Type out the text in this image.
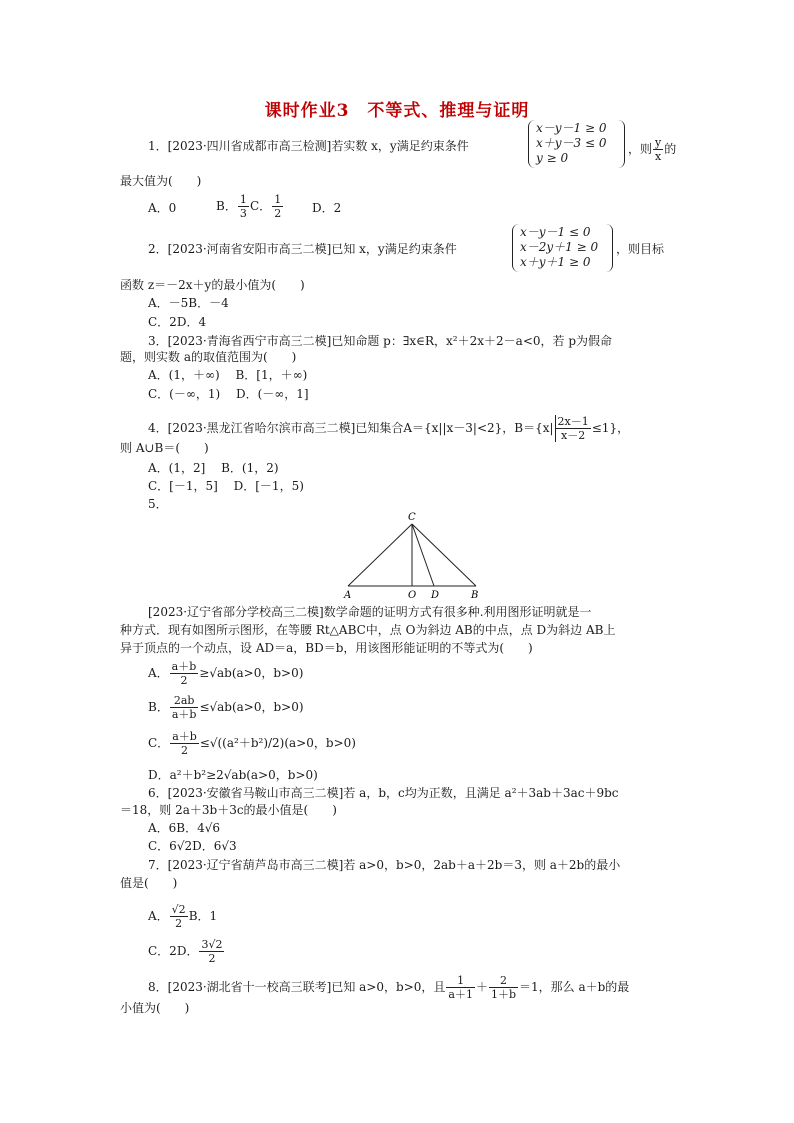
课时作业3　不等式、推理与证明
1．[2023·四川省成都市高三检测]若实数 x，y满足约束条件
x－y－1 ≥ 0
x＋y－3 ≤ 0
y ≥ 0
，则 $\frac{y}{x}$ 的
最大值为(　　)
A．0	B． $\frac{1}{3}$ C． $\frac{1}{2}$ D．2
2．[2023·河南省安阳市高三二模]已知 x，y满足约束条件
x－y－1 ≤ 0
x－2y＋1 ≥ 0
x＋y＋1 ≥ 0
，则目标
函数 z＝－2x＋y的最小值为(　　)
A．－5B．－4
C．2D．4
3．[2023·青海省西宁市高三二模]已知命题 p：∃x∈R，x²＋2x＋2－a<0，若 p为假命
题，则实数 a的取值范围为(　　)
A．(1，＋∞)　 B．[1，＋∞)
C．(－∞，1)　 D．(－∞，1]
4．[2023·黑龙江省哈尔滨市高三二模]已知集合A＝{x||x－3|<2}，$B=\{x| \frac{2x-1}{x-2} \le 1\}$，
则 A∪B＝(　　)
A．(1，2]　 B．(1，2)
C．[－1，5]　 D．[－1，5)
5．
C
A	O D	B
[2023·辽宁省部分学校高三二模]数学命题的证明方式有很多种.利用图形证明就是一
种方式．现有如图所示图形，在等腰 Rt△ABC中，点 O为斜边 AB的中点，点 D为斜边 AB上
异于顶点的一个动点，设 AD＝a，BD＝b，用该图形能证明的不等式为(　　)
A． $\frac{a+b}{2} \ge√ab(a>0$，b>0)
B． $\frac{2ab}{a+b} \le√ab(a>0$，b>0)
C． $\frac{a+b}{2} \le√((a^2+b^2)/2)(a>0$，b>0)
D．a²＋b²≥2√ab(a>0，b>0)
6．[2023·安徽省马鞍山市高三二模]若 a，b，c均为正数，且满足 a²＋3ab＋3ac＋9bc
＝18，则 2a＋3b＋3c的最小值是(　　)
A．6B．4√6
C．6√2D．6√3
7．[2023·辽宁省葫芦岛市高三二模]若 a>0，b>0，2ab＋a＋2b＝3，则 a＋2b的最小
值是(　　)
A． $\frac{√2}{2}$ B．1
C．2D． $\frac{3√2}{2}$
8．[2023·湖北省十一校高三联考]已知 a>0，b>0，且 $\frac{1}{a+1} + \frac{2}{1+b} =1$，那么 a＋b的最
小值为(　　)
